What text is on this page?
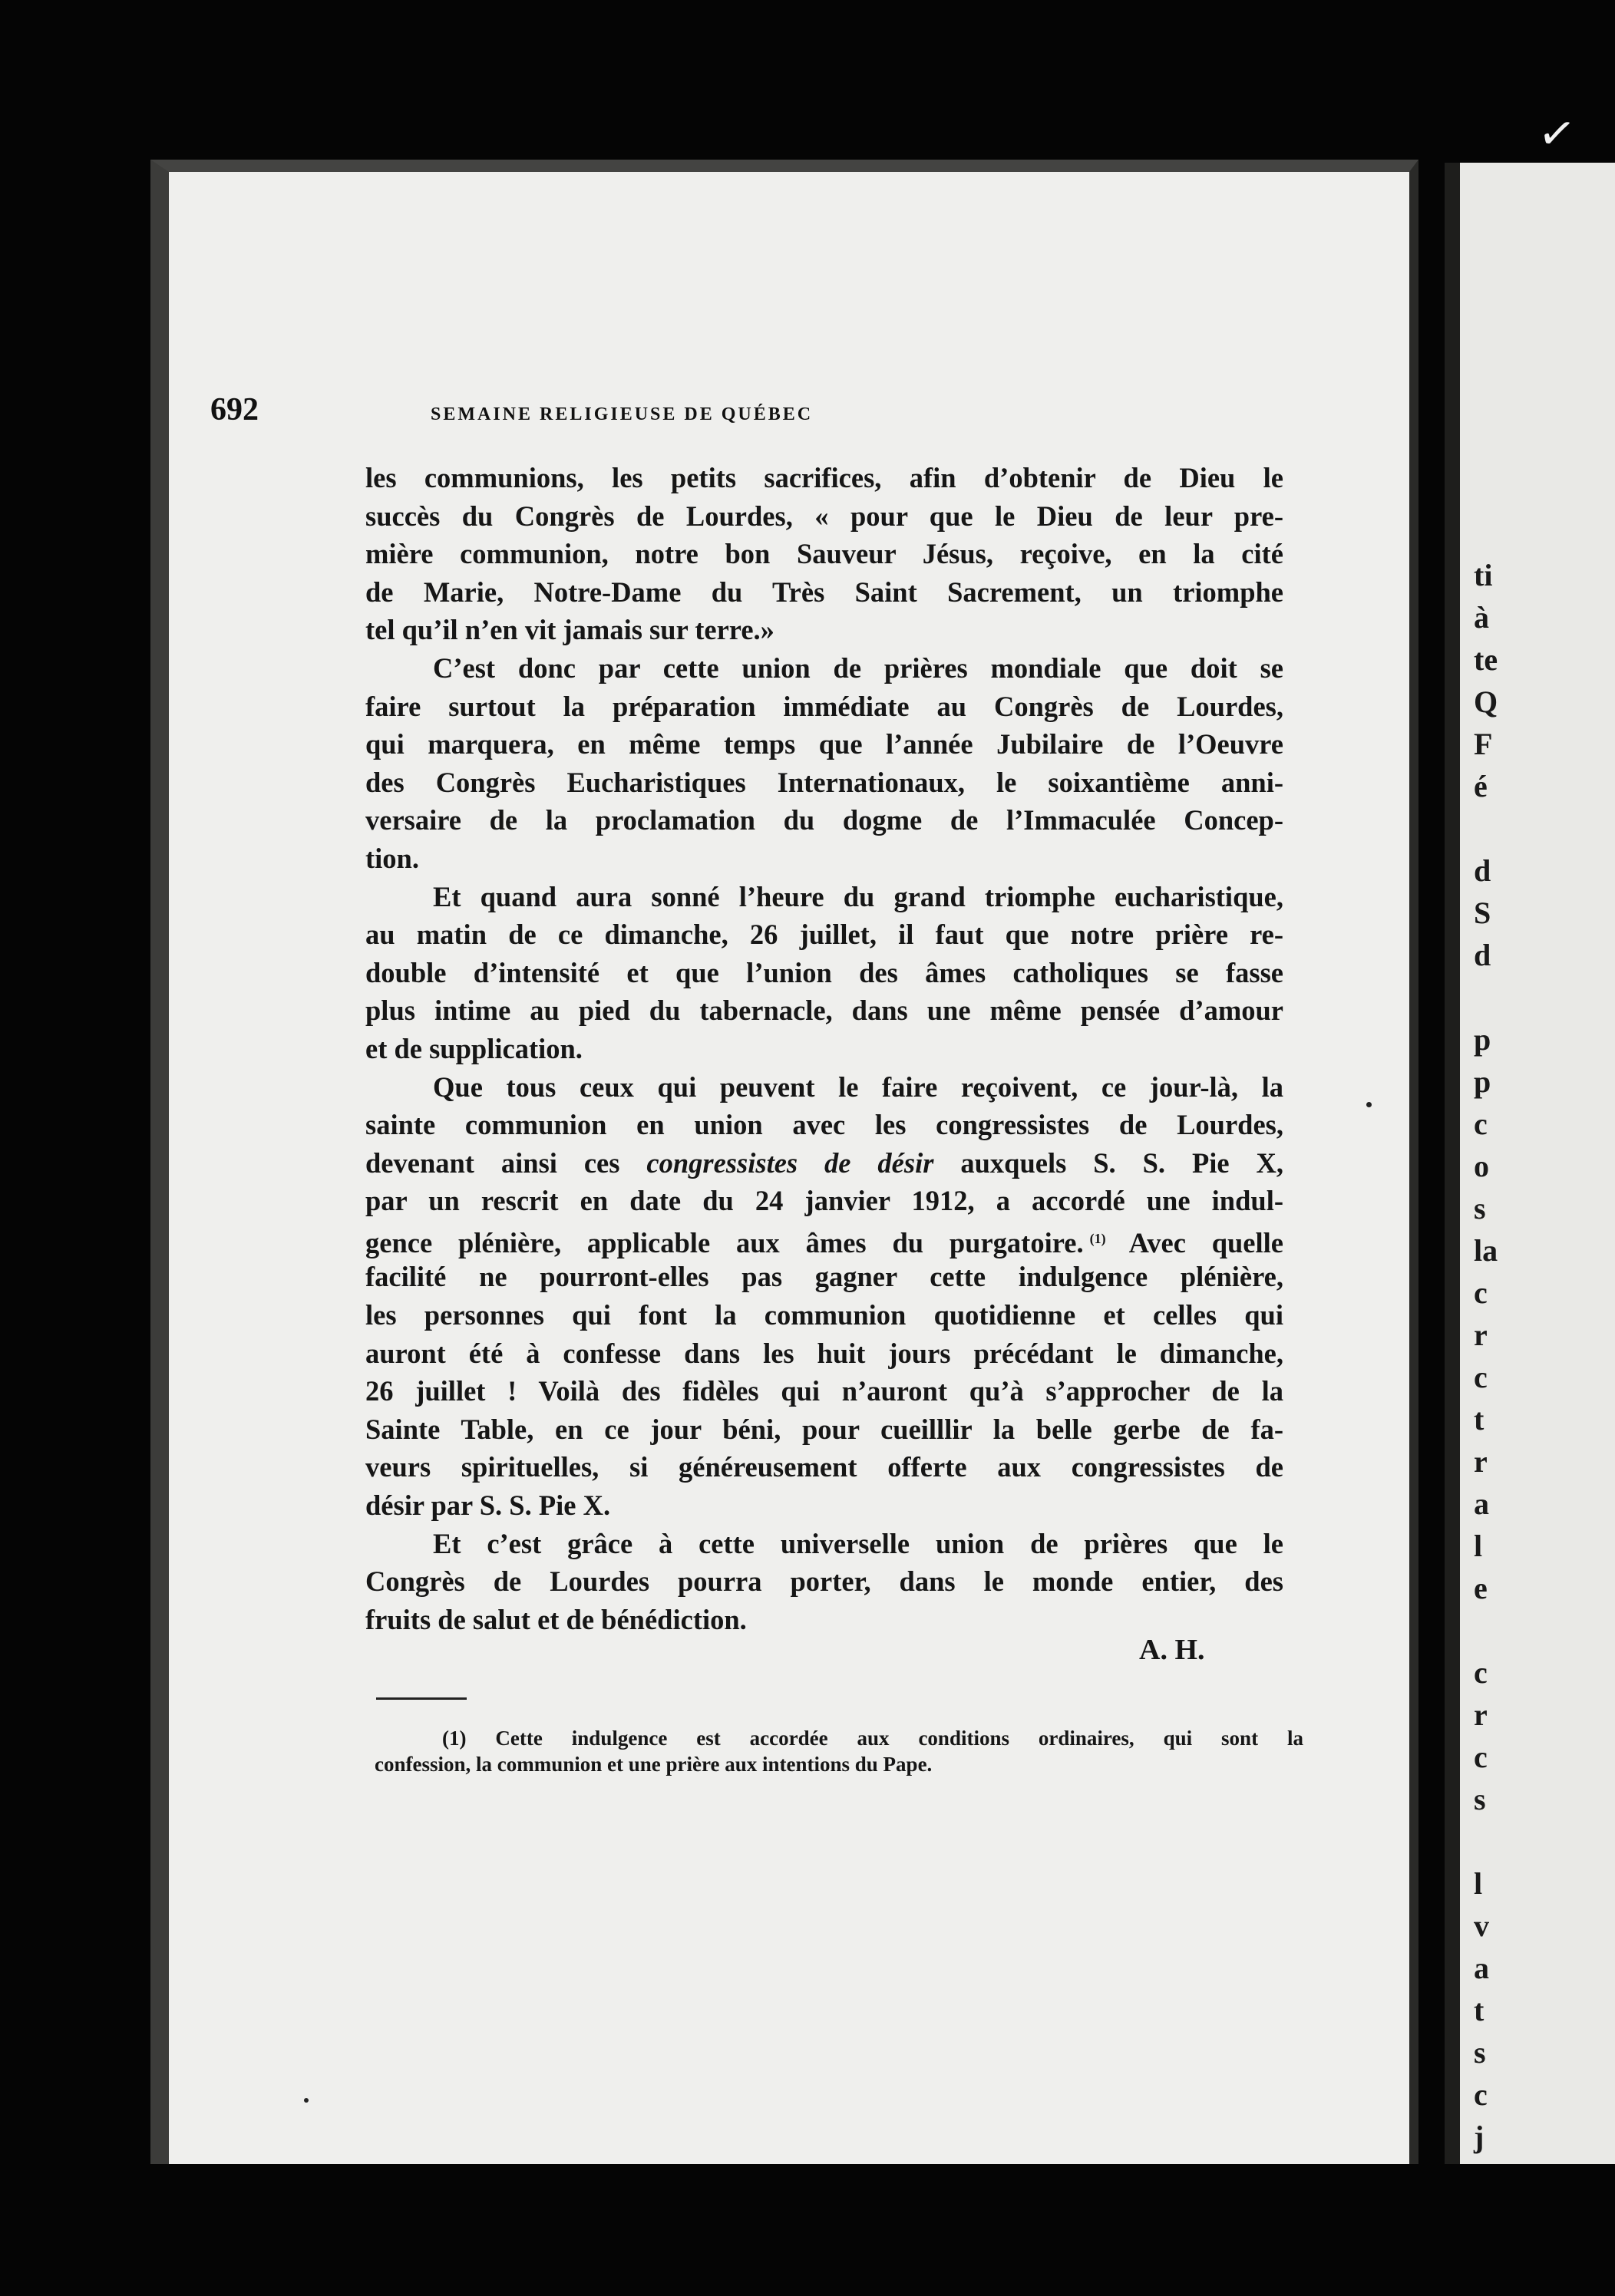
✓
ti
à
te
Q
F
é
d
S
d
p
p
c
o
s
la
c
r
c
t
r
a
l
e
c
r
c
s
l
v
a
t
s
c
j
692	SEMAINE RELIGIEUSE DE QUÉBEC
les communions, les petits sacrifices, afin d’obtenir de Dieu le
succès du Congrès de Lourdes, « pour que le Dieu de leur pre-
mière communion, notre bon Sauveur Jésus, reçoive, en la cité
de Marie, Notre-Dame du Très Saint Sacrement, un triomphe
tel qu’il n’en vit jamais sur terre.»
C’est donc par cette union de prières mondiale que doit se
faire surtout la préparation immédiate au Congrès de Lourdes,
qui marquera, en même temps que l’année Jubilaire de l’Oeuvre
des Congrès Eucharistiques Internationaux, le soixantième anni-
versaire de la proclamation du dogme de l’Immaculée Concep-
tion.
Et quand aura sonné l’heure du grand triomphe eucharistique,
au matin de ce dimanche, 26 juillet, il faut que notre prière re-
double d’intensité et que l’union des âmes catholiques se fasse
plus intime au pied du tabernacle, dans une même pensée d’amour
et de supplication.
Que tous ceux qui peuvent le faire reçoivent, ce jour-là, la
sainte communion en union avec les congressistes de Lourdes,
devenant ainsi ces congressistes de désir auxquels S. S. Pie X,
par un rescrit en date du 24 janvier 1912, a accordé une indul-
gence plénière, applicable aux âmes du purgatoire. $^{(1)}$ Avec quelle
facilité ne pourront-elles pas gagner cette indulgence plénière,
les personnes qui font la communion quotidienne et celles qui
auront été à confesse dans les huit jours précédant le dimanche,
26 juillet ! Voilà des fidèles qui n’auront qu’à s’approcher de la
Sainte Table, en ce jour béni, pour cueilllir la belle gerbe de fa-
veurs spirituelles, si généreusement offerte aux congressistes de
désir par S. S. Pie X.
Et c’est grâce à cette universelle union de prières que le
Congrès de Lourdes pourra porter, dans le monde entier, des
fruits de salut et de bénédiction.
A. H.
(1) Cette indulgence est accordée aux conditions ordinaires, qui sont la
confession, la communion et une prière aux intentions du Pape.
